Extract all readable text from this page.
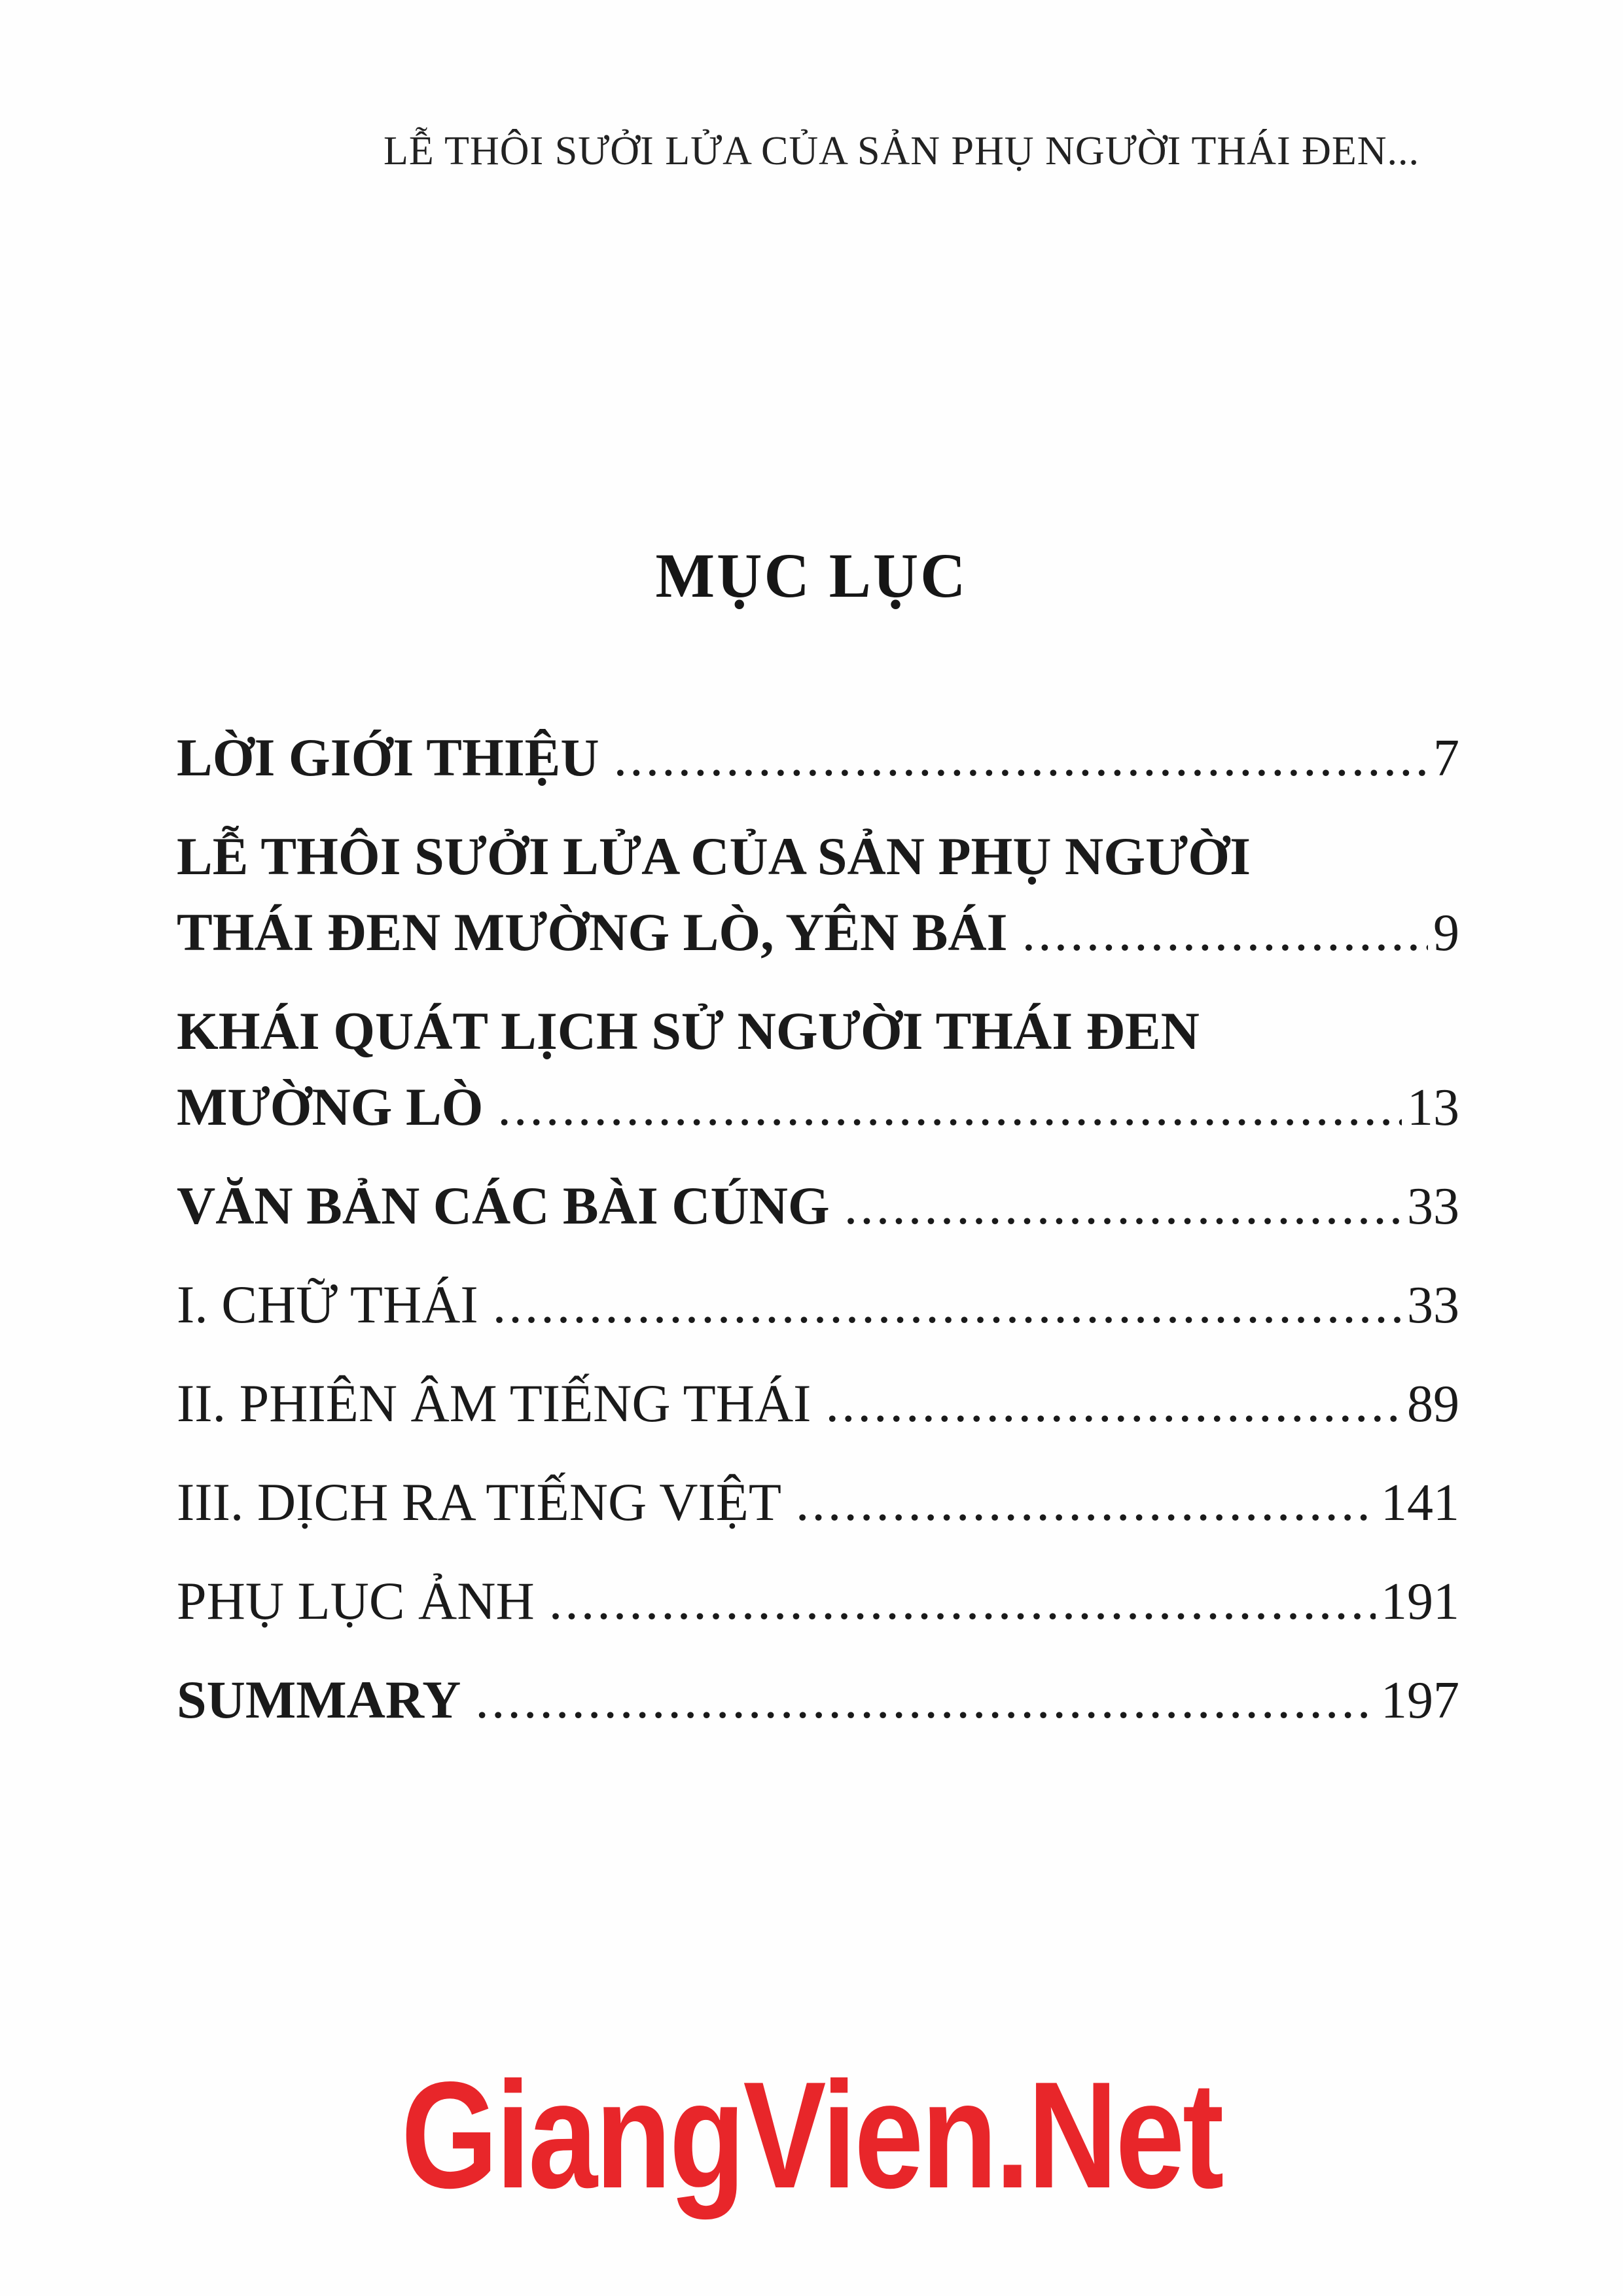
LỄ THÔI SƯỞI LỬA CỦA SẢN PHỤ NGƯỜI THÁI ĐEN...
MỤC LỤC
LỜI GIỚI THIỆU .....	7
LỄ THÔI SƯỞI LỬA CỦA SẢN PHỤ NGƯỜI
THÁI ĐEN MƯỜNG LÒ, YÊN BÁI .....	9
KHÁI QUÁT LỊCH SỬ NGƯỜI THÁI ĐEN
MƯỜNG LÒ .....	13
VĂN BẢN CÁC BÀI CÚNG .....	33
I. CHỮ THÁI .....	33
II. PHIÊN ÂM TIẾNG THÁI .....	89
III. DỊCH RA TIẾNG VIỆT .....	141
PHỤ LỤC ẢNH .....	191
SUMMARY .....	197
GiangVien.Net
